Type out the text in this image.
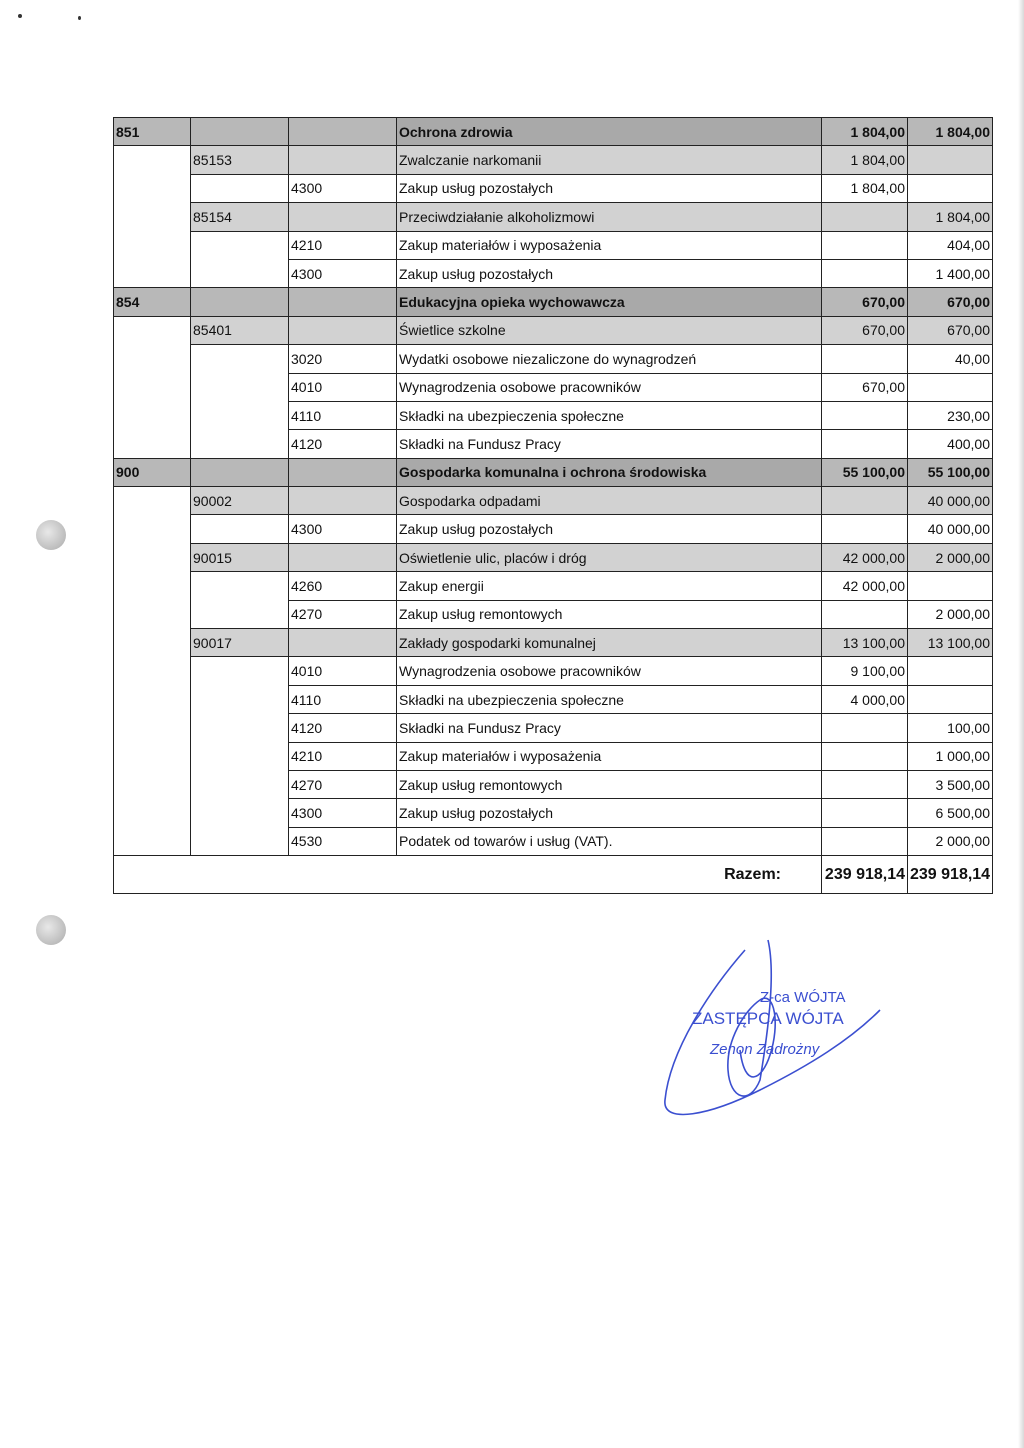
851			Ochrona zdrowia	1 804,00	1 804,00
	85153		Zwalczanie narkomanii	1 804,00	
		4300	Zakup usług pozostałych	1 804,00	
	85154		Przeciwdziałanie alkoholizmowi		1 804,00
		4210	Zakup materiałów i wyposażenia		404,00
		4300	Zakup usług pozostałych		1 400,00
854			Edukacyjna opieka wychowawcza	670,00	670,00
	85401		Świetlice szkolne	670,00	670,00
		3020	Wydatki osobowe niezaliczone do wynagrodzeń		40,00
		4010	Wynagrodzenia osobowe pracowników	670,00	
		4110	Składki na ubezpieczenia społeczne		230,00
		4120	Składki na Fundusz Pracy		400,00
900			Gospodarka komunalna i ochrona środowiska	55 100,00	55 100,00
	90002		Gospodarka odpadami		40 000,00
		4300	Zakup usług pozostałych		40 000,00
	90015		Oświetlenie ulic, placów i dróg	42 000,00	2 000,00
		4260	Zakup energii	42 000,00	
		4270	Zakup usług remontowych		2 000,00
	90017		Zakłady gospodarki komunalnej	13 100,00	13 100,00
		4010	Wynagrodzenia osobowe pracowników	9 100,00	
		4110	Składki na ubezpieczenia społeczne	4 000,00	
		4120	Składki na Fundusz Pracy		100,00
		4210	Zakup materiałów i wyposażenia		1 000,00
		4270	Zakup usług remontowych		3 500,00
		4300	Zakup usług pozostałych		6 500,00
		4530	Podatek od towarów i usług (VAT).		2 000,00
Razem:				239 918,14	239 918,14
Z-ca WÓJTA
ZASTĘPCA WÓJTA
Zenon Zadrożny
